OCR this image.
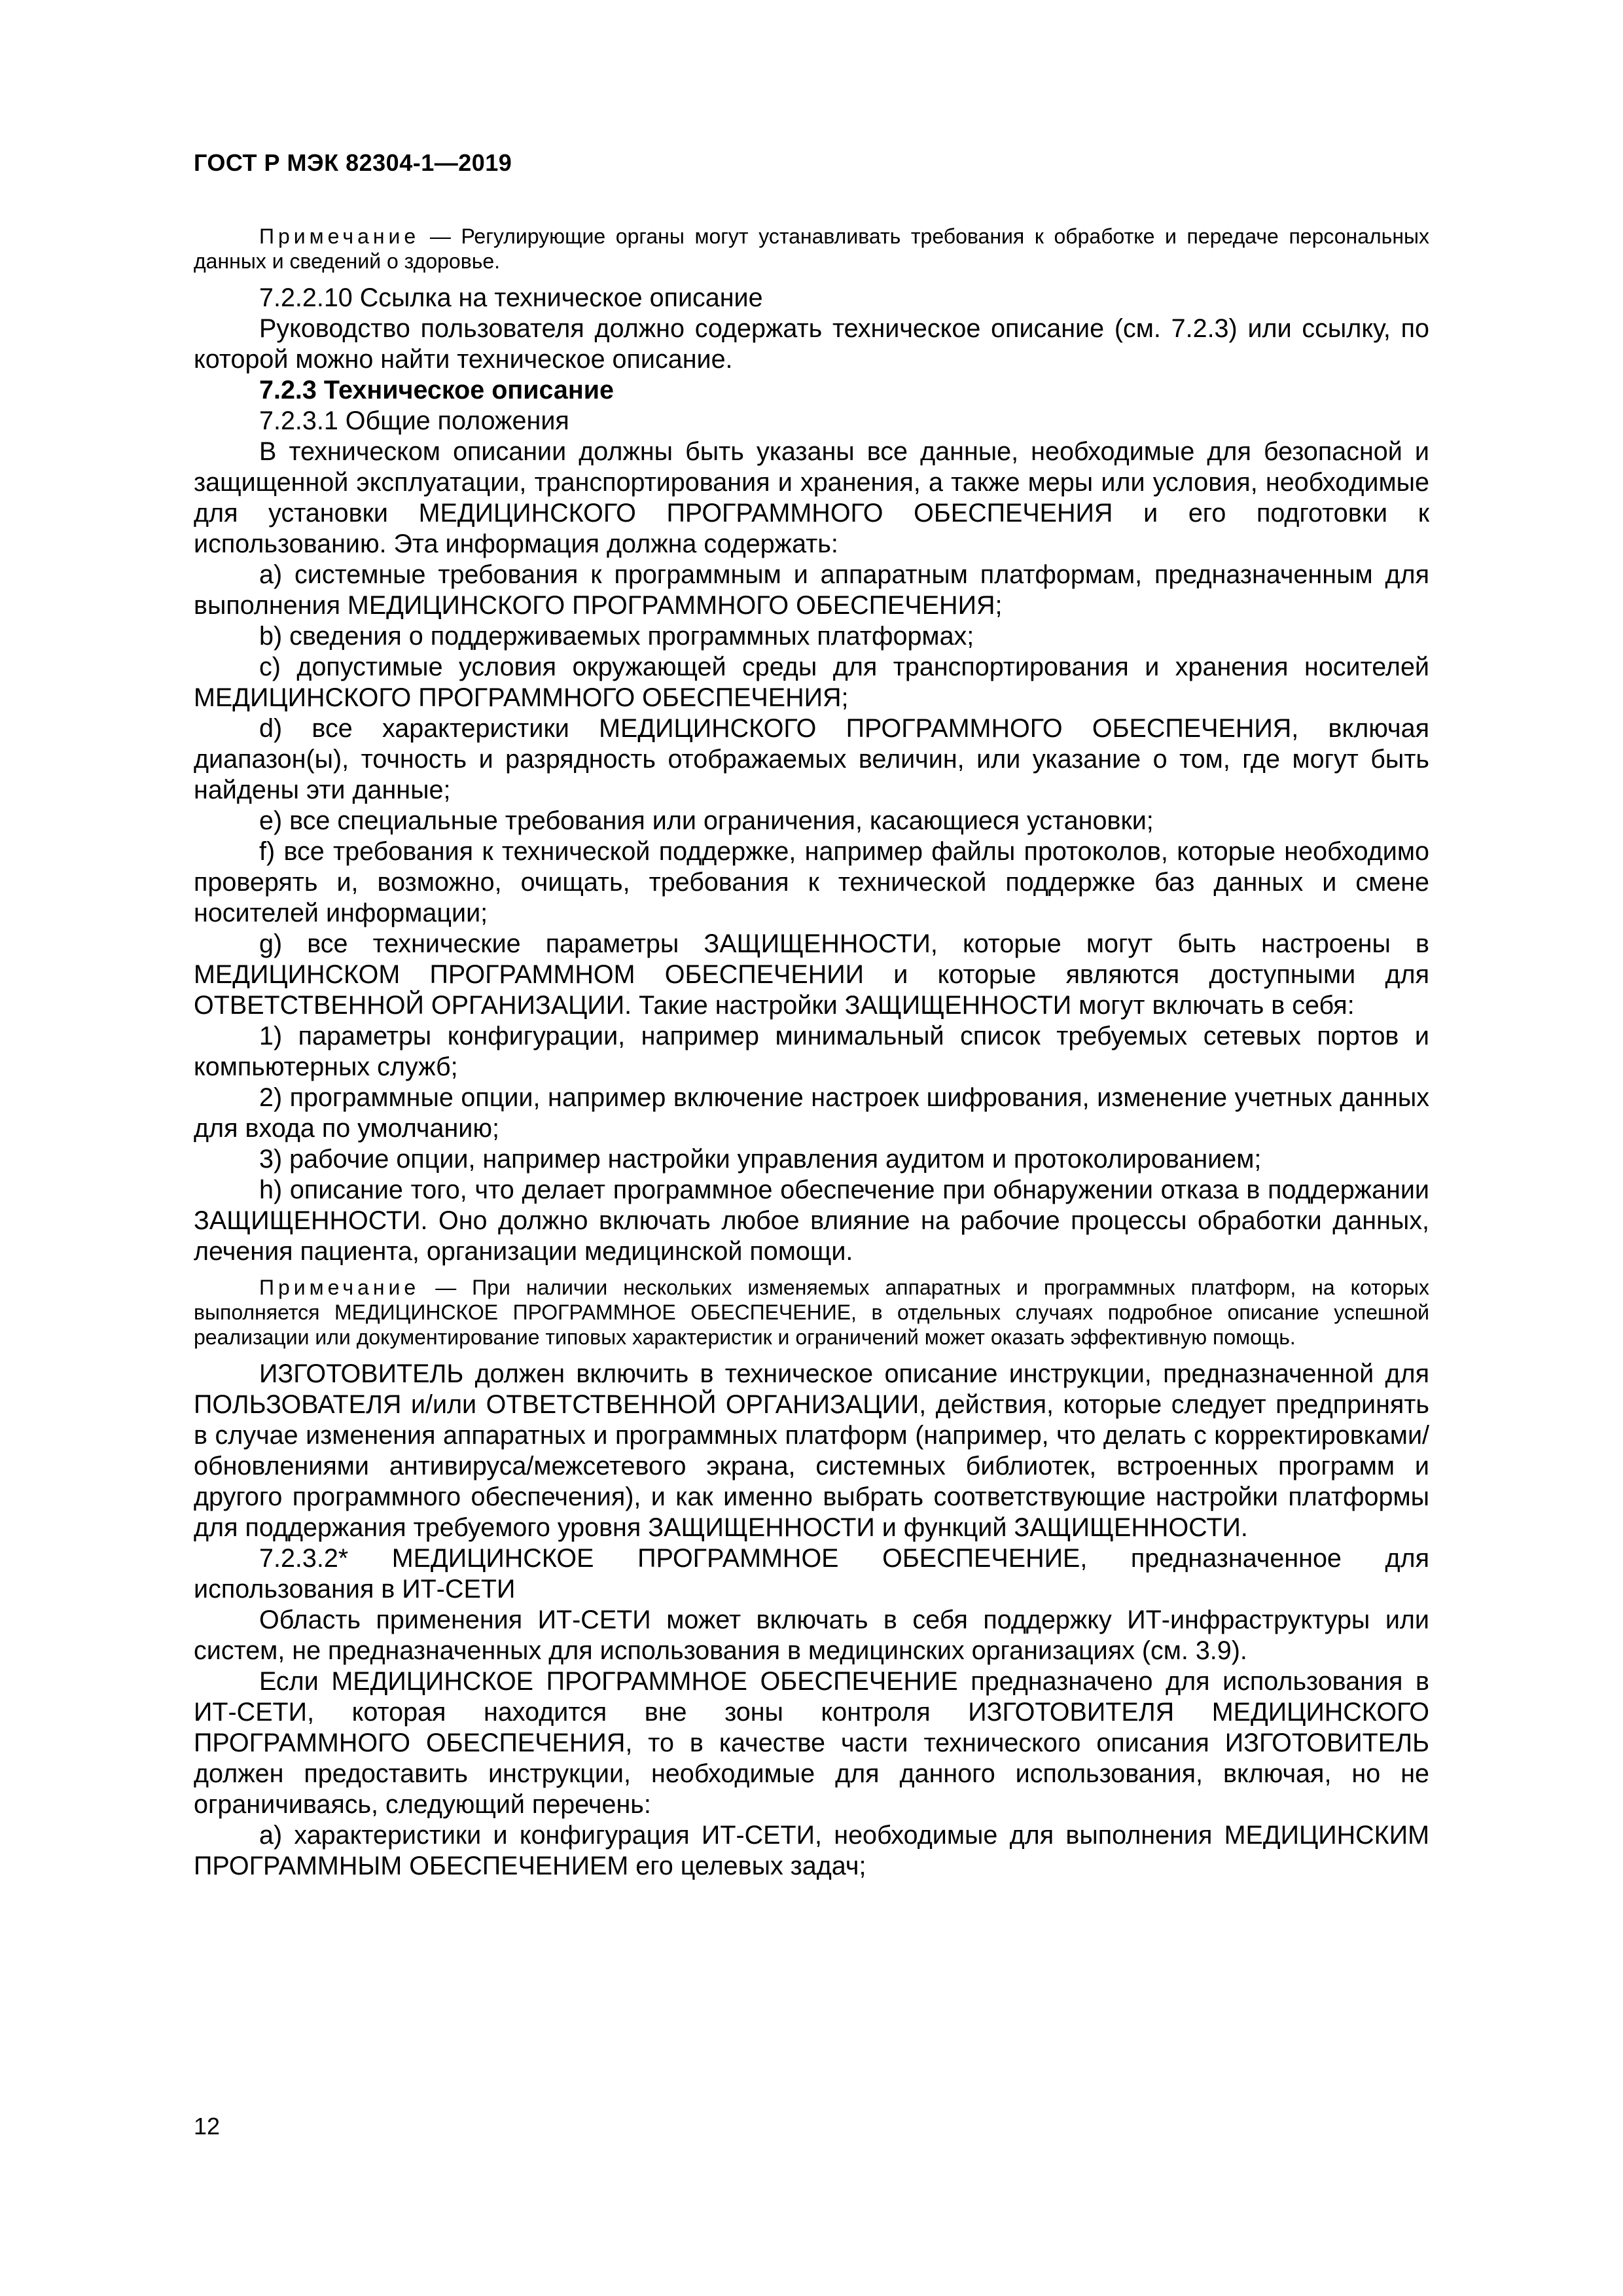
ГОСТ Р МЭК 82304-1—2019
Примечание — Регулирующие органы могут устанавливать требования к обработке и передаче персональных данных и сведений о здоровье.

7.2.2.10 Ссылка на техническое описание

Руководство пользователя должно содержать техническое описание (см. 7.2.3) или ссылку, по которой можно найти техническое описание.

7.2.3 Техническое описание

7.2.3.1 Общие положения

В техническом описании должны быть указаны все данные, необходимые для безопасной и защищенной эксплуатации, транспортирования и хранения, а также меры или условия, необходимые для установки МЕДИЦИНСКОГО ПРОГРАММНОГО ОБЕСПЕЧЕНИЯ и его подготовки к использованию. Эта информация должна содержать:

a) системные требования к программным и аппаратным платформам, предназначенным для выполнения МЕДИЦИНСКОГО ПРОГРАММНОГО ОБЕСПЕЧЕНИЯ;

b) сведения о поддерживаемых программных платформах;

c) допустимые условия окружающей среды для транспортирования и хранения носителей МЕДИЦИНСКОГО ПРОГРАММНОГО ОБЕСПЕЧЕНИЯ;

d) все характеристики МЕДИЦИНСКОГО ПРОГРАММНОГО ОБЕСПЕЧЕНИЯ, включая диапазон(ы), точность и разрядность отображаемых величин, или указание о том, где могут быть найдены эти данные;

e) все специальные требования или ограничения, касающиеся установки;

f) все требования к технической поддержке, например файлы протоколов, которые необходимо проверять и, возможно, очищать, требования к технической поддержке баз данных и смене носителей информации;

g) все технические параметры ЗАЩИЩЕННОСТИ, которые могут быть настроены в МЕДИЦИНСКОМ ПРОГРАММНОМ ОБЕСПЕЧЕНИИ и которые являются доступными для ОТВЕТСТВЕННОЙ ОРГАНИЗАЦИИ. Такие настройки ЗАЩИЩЕННОСТИ могут включать в себя:

1) параметры конфигурации, например минимальный список требуемых сетевых портов и компьютерных служб;

2) программные опции, например включение настроек шифрования, изменение учетных данных для входа по умолчанию;

3) рабочие опции, например настройки управления аудитом и протоколированием;

h) описание того, что делает программное обеспечение при обнаружении отказа в поддержании ЗАЩИЩЕННОСТИ. Оно должно включать любое влияние на рабочие процессы обработки данных, лечения пациента, организации медицинской помощи.

Примечание — При наличии нескольких изменяемых аппаратных и программных платформ, на которых выполняется МЕДИЦИНСКОЕ ПРОГРАММНОЕ ОБЕСПЕЧЕНИЕ, в отдельных случаях подробное описание успешной реализации или документирование типовых характеристик и ограничений может оказать эффективную помощь.

ИЗГОТОВИТЕЛЬ должен включить в техническое описание инструкции, предназначенной для ПОЛЬЗОВАТЕЛЯ и/или ОТВЕТСТВЕННОЙ ОРГАНИЗАЦИИ, действия, которые следует предпринять в случае изменения аппаратных и программных платформ (например, что делать с корректировками/обновлениями антивируса/межсетевого экрана, системных библиотек, встроенных программ и другого программного обеспечения), и как именно выбрать соответствующие настройки платформы для поддержания требуемого уровня ЗАЩИЩЕННОСТИ и функций ЗАЩИЩЕННОСТИ.

7.2.3.2* МЕДИЦИНСКОЕ ПРОГРАММНОЕ ОБЕСПЕЧЕНИЕ, предназначенное для использования в ИТ-СЕТИ

Область применения ИТ-СЕТИ может включать в себя поддержку ИТ-инфраструктуры или систем, не предназначенных для использования в медицинских организациях (см. 3.9).

Если МЕДИЦИНСКОЕ ПРОГРАММНОЕ ОБЕСПЕЧЕНИЕ предназначено для использования в ИТ-СЕТИ, которая находится вне зоны контроля ИЗГОТОВИТЕЛЯ МЕДИЦИНСКОГО ПРОГРАММНОГО ОБЕСПЕЧЕНИЯ, то в качестве части технического описания ИЗГОТОВИТЕЛЬ должен предоставить инструкции, необходимые для данного использования, включая, но не ограничиваясь, следующий перечень:

a) характеристики и конфигурация ИТ-СЕТИ, необходимые для выполнения МЕДИЦИНСКИМ ПРОГРАММНЫМ ОБЕСПЕЧЕНИЕМ его целевых задач;

12
